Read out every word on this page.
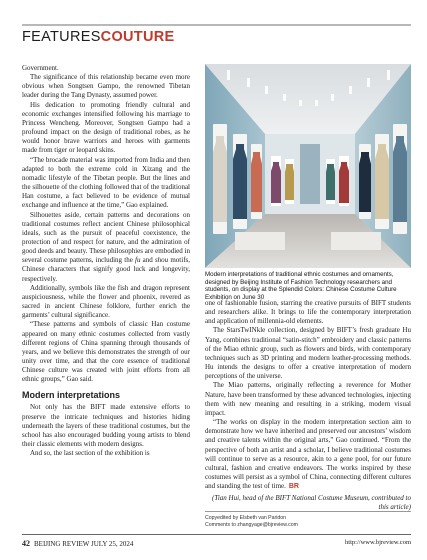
FEATURESCOUTURE

Government.

The significance of this relationship became even more obvious when Songtsen Gampo, the renowned Tibetan leader during the Tang Dynasty, assumed power.

His dedication to promoting friendly cultural and economic exchanges intensified following his marriage to Princess Wencheng. Moreover, Songtsen Gampo had a profound impact on the design of traditional robes, as he would honor brave warriors and heroes with garments made from tiger or leopard skins.

“The brocade material was imported from India and then adapted to both the extreme cold in Xizang and the nomadic lifestyle of the Tibetan people. But the lines and the silhouette of the clothing followed that of the traditional Han costume, a fact believed to be evidence of mutual exchange and influence at the time,” Gao explained.

Silhouettes aside, certain patterns and decorations on traditional costumes reflect ancient Chinese philosophical ideals, such as the pursuit of peaceful coexistence, the protection of and respect for nature, and the admiration of good deeds and beauty. These philosophies are embodied in several costume patterns, including the fu and shou motifs, Chinese characters that signify good luck and longevity, respectively.

Additionally, symbols like the fish and dragon represent auspiciousness, while the flower and phoenix, revered as sacred in ancient Chinese folklore, further enrich the garments’ cultural significance.

“These patterns and symbols of classic Han costume appeared on many ethnic costumes collected from vastly different regions of China spanning through thousands of years, and we believe this demonstrates the strength of our unity over time, and that the core essence of traditional Chinese culture was created with joint efforts from all ethnic groups,” Gao said.

Modern interpretations

Not only has the BIFT made extensive efforts to preserve the intricate techniques and histories hiding underneath the layers of these traditional costumes, but the school has also encouraged budding young artists to blend their classic elements with modern designs.

And so, the last section of the exhibition is

Modern interpretations of traditional ethnic costumes and ornaments, designed by Beijing Institute of Fashion Technology researchers and students, on display at the Splendid Colors: Chinese Costume Culture Exhibition on June 30

one of fashionable fusion, starring the creative pursuits of BIFT students and researchers alike. It brings to life the contemporary interpretation and application of millennia-old elements.

The StarsTwINkle collection, designed by BIFT’s fresh graduate Hu Yang, combines traditional “satin-stitch” embroidery and classic patterns of the Miao ethnic group, such as flowers and birds, with contemporary techniques such as 3D printing and modern leather-processing methods. Hu intends the designs to offer a creative interpretation of modern perceptions of the universe.

The Miao patterns, originally reflecting a reverence for Mother Nature, have been transformed by these advanced technologies, injecting them with new meaning and resulting in a striking, modern visual impact.

“The works on display in the modern interpretation section aim to demonstrate how we have inherited and preserved our ancestors’ wisdom and creative talents within the original arts,” Gao continued. “From the perspective of both an artist and a scholar, I believe traditional costumes will continue to serve as a resource, akin to a gene pool, for our future cultural, fashion and creative endeavors. The works inspired by these costumes will persist as a symbol of China, connecting different cultures and standing the test of time. BR

(Tian Hui, head of the BIFT National Costume Museum, contributed to this article)

Copyedited by Elsbeth van Paridon
Comments to zhangyage@bjreview.com
42 BEIJING REVIEW JULY 25, 2024	http://www.bjreview.com
